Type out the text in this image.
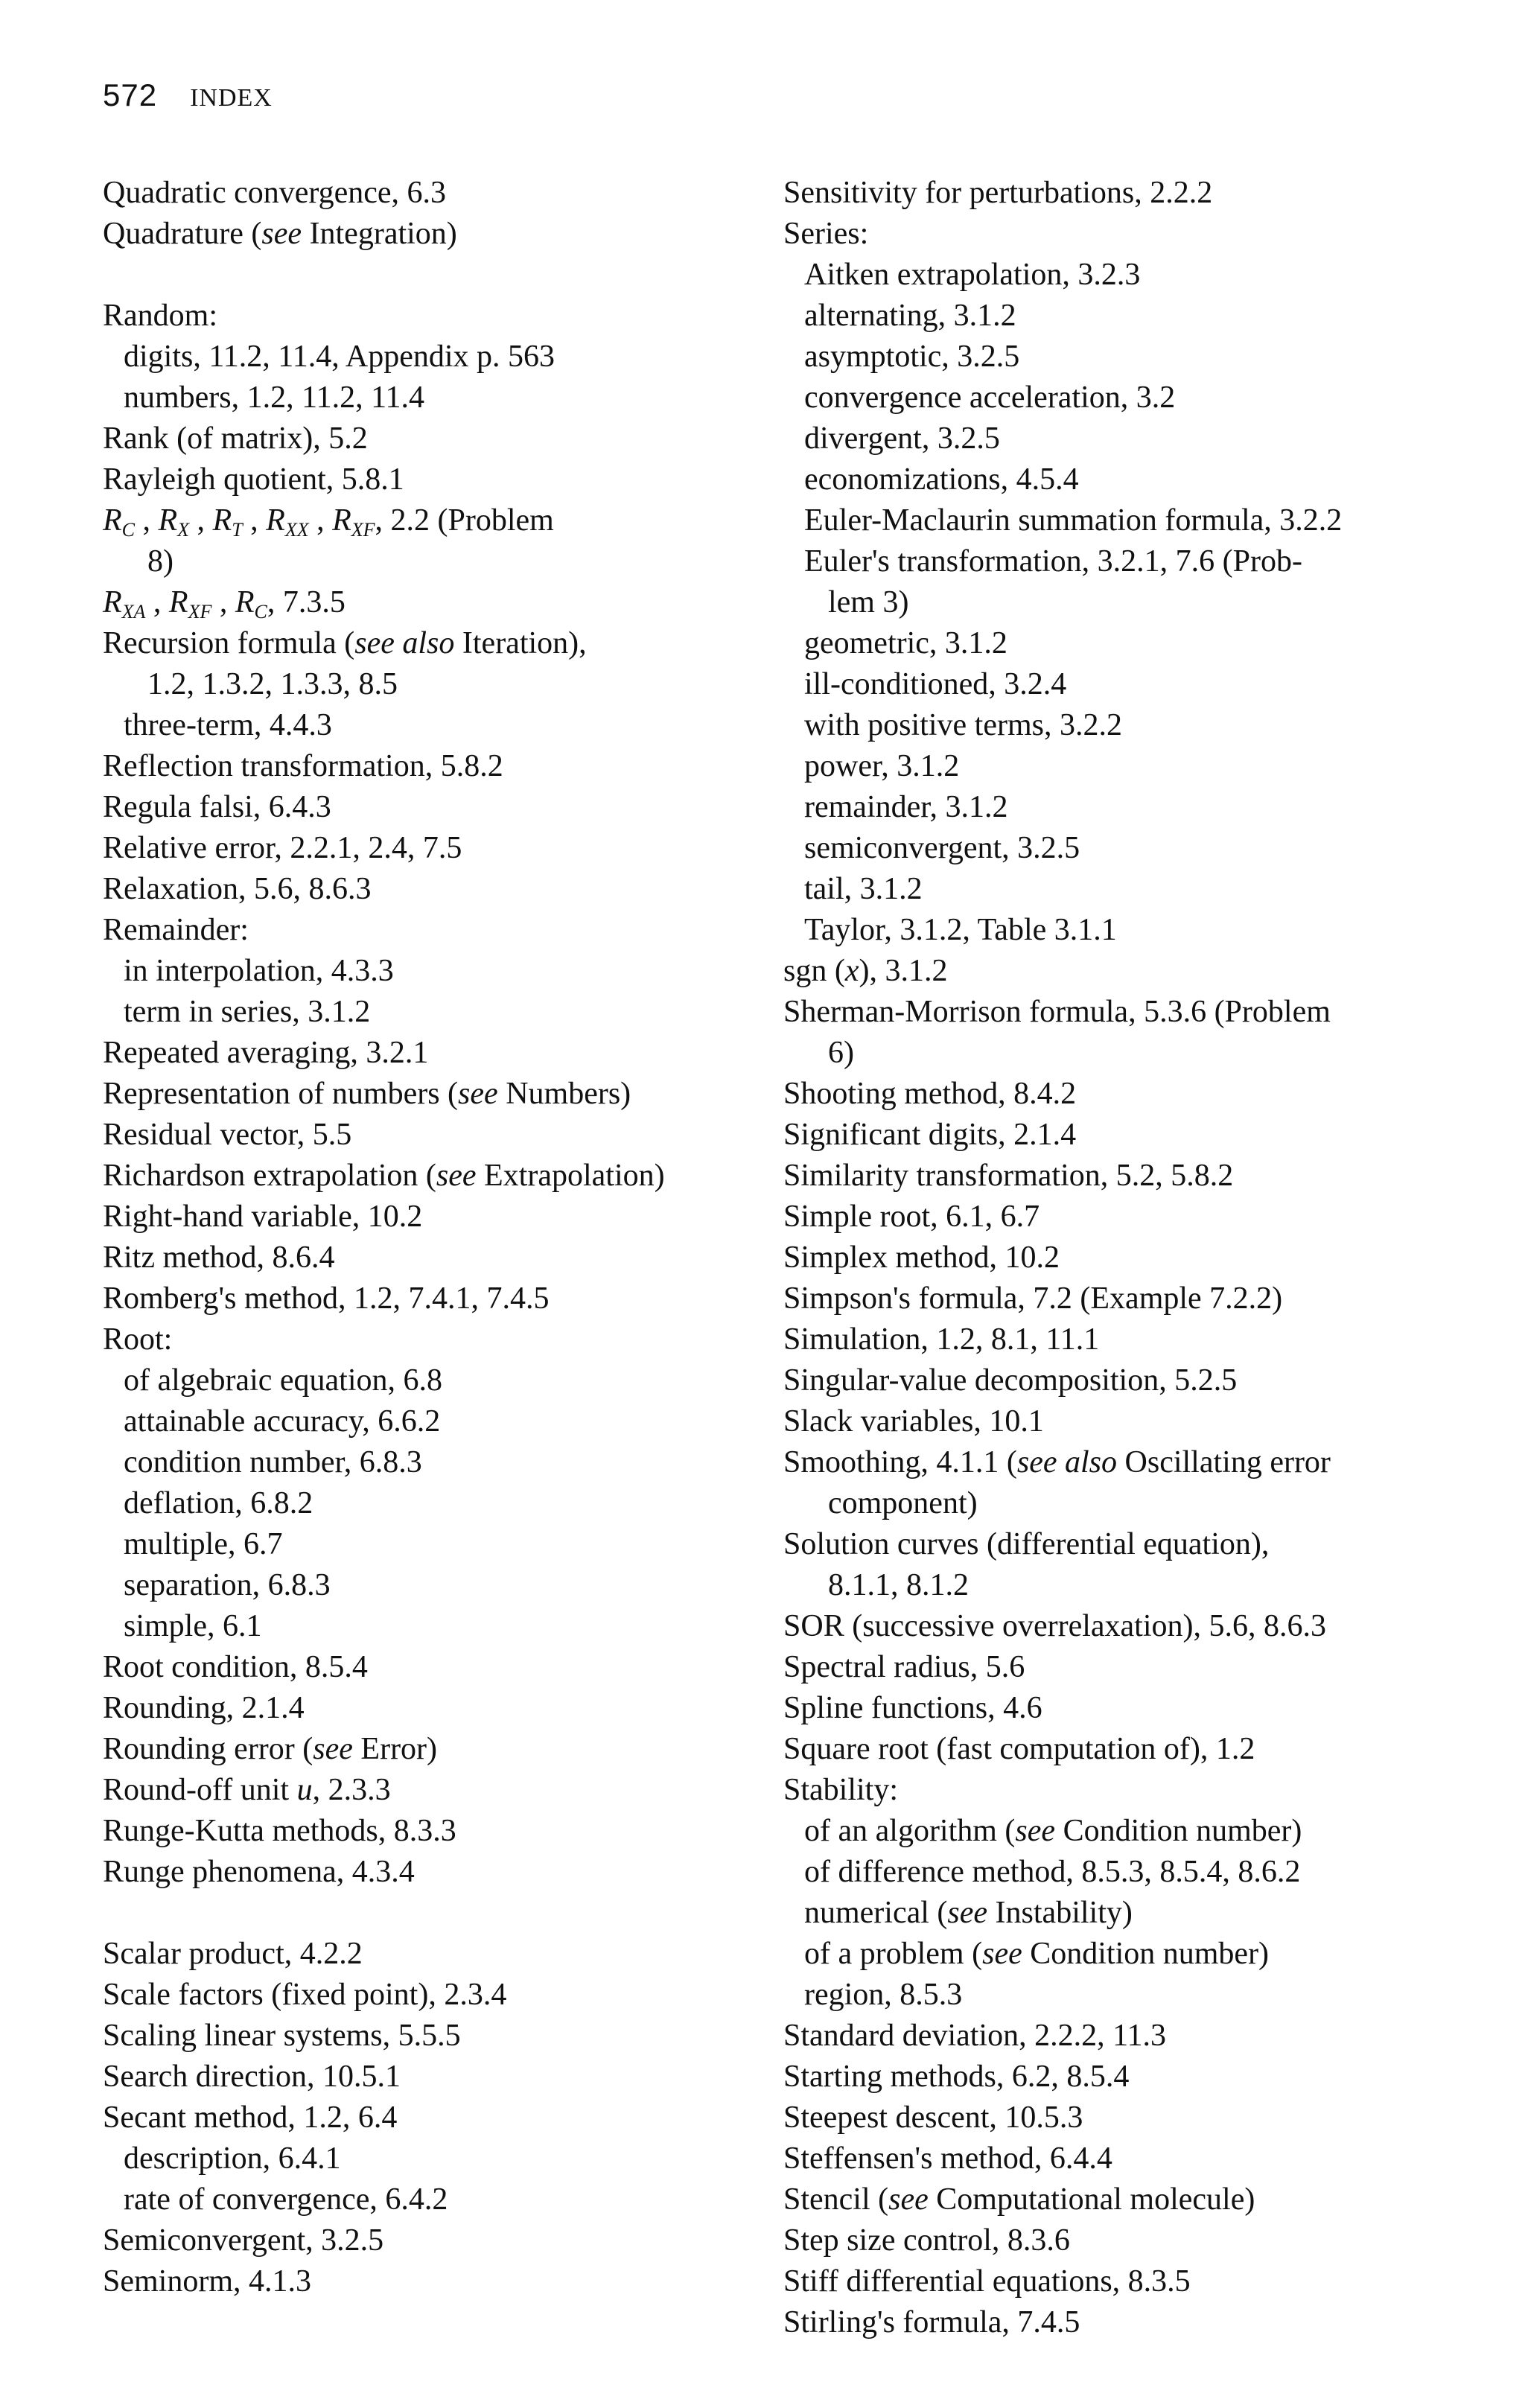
572 INDEX
Quadratic convergence, 6.3
Quadrature (see Integration)
Random:
digits, 11.2, 11.4, Appendix p. 563
numbers, 1.2, 11.2, 11.4
Rank (of matrix), 5.2
Rayleigh quotient, 5.8.1
$R_C$ , $R_X$ , $R_T$ , $R_{XX}$ , $R_{XF}$, 2.2 (Problem
8)
$R_{XA}$ , $R_{XF}$ , $R_C$, 7.3.5
Recursion formula (see also Iteration),
1.2, 1.3.2, 1.3.3, 8.5
three-term, 4.4.3
Reflection transformation, 5.8.2
Regula falsi, 6.4.3
Relative error, 2.2.1, 2.4, 7.5
Relaxation, 5.6, 8.6.3
Remainder:
in interpolation, 4.3.3
term in series, 3.1.2
Repeated averaging, 3.2.1
Representation of numbers (see Numbers)
Residual vector, 5.5
Richardson extrapolation (see Extrapolation)
Right-hand variable, 10.2
Ritz method, 8.6.4
Romberg's method, 1.2, 7.4.1, 7.4.5
Root:
of algebraic equation, 6.8
attainable accuracy, 6.6.2
condition number, 6.8.3
deflation, 6.8.2
multiple, 6.7
separation, 6.8.3
simple, 6.1
Root condition, 8.5.4
Rounding, 2.1.4
Rounding error (see Error)
Round-off unit u, 2.3.3
Runge-Kutta methods, 8.3.3
Runge phenomena, 4.3.4
Scalar product, 4.2.2
Scale factors (fixed point), 2.3.4
Scaling linear systems, 5.5.5
Search direction, 10.5.1
Secant method, 1.2, 6.4
description, 6.4.1
rate of convergence, 6.4.2
Semiconvergent, 3.2.5
Seminorm, 4.1.3
Sensitivity for perturbations, 2.2.2
Series:
Aitken extrapolation, 3.2.3
alternating, 3.1.2
asymptotic, 3.2.5
convergence acceleration, 3.2
divergent, 3.2.5
economizations, 4.5.4
Euler-Maclaurin summation formula, 3.2.2
Euler's transformation, 3.2.1, 7.6 (Prob-
lem 3)
geometric, 3.1.2
ill-conditioned, 3.2.4
with positive terms, 3.2.2
power, 3.1.2
remainder, 3.1.2
semiconvergent, 3.2.5
tail, 3.1.2
Taylor, 3.1.2, Table 3.1.1
sgn (x), 3.1.2
Sherman-Morrison formula, 5.3.6 (Problem
6)
Shooting method, 8.4.2
Significant digits, 2.1.4
Similarity transformation, 5.2, 5.8.2
Simple root, 6.1, 6.7
Simplex method, 10.2
Simpson's formula, 7.2 (Example 7.2.2)
Simulation, 1.2, 8.1, 11.1
Singular-value decomposition, 5.2.5
Slack variables, 10.1
Smoothing, 4.1.1 (see also Oscillating error
component)
Solution curves (differential equation),
8.1.1, 8.1.2
SOR (successive overrelaxation), 5.6, 8.6.3
Spectral radius, 5.6
Spline functions, 4.6
Square root (fast computation of), 1.2
Stability:
of an algorithm (see Condition number)
of difference method, 8.5.3, 8.5.4, 8.6.2
numerical (see Instability)
of a problem (see Condition number)
region, 8.5.3
Standard deviation, 2.2.2, 11.3
Starting methods, 6.2, 8.5.4
Steepest descent, 10.5.3
Steffensen's method, 6.4.4
Stencil (see Computational molecule)
Step size control, 8.3.6
Stiff differential equations, 8.3.5
Stirling's formula, 7.4.5
